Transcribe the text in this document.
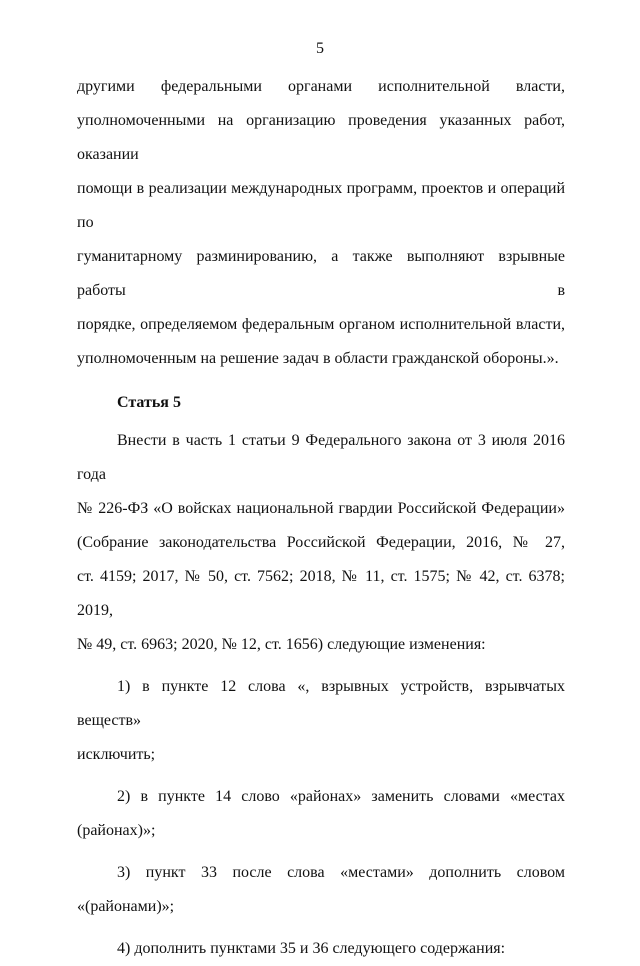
5
другими федеральными органами исполнительной власти,
уполномоченными на организацию проведения указанных работ, оказании
помощи в реализации международных программ, проектов и операций по
гуманитарному разминированию, а также выполняют взрывные работы в
порядке, определяемом федеральным органом исполнительной власти,
уполномоченным на решение задач в области гражданской обороны.».
Статья 5
Внести в часть 1 статьи 9 Федерального закона от 3 июля 2016 года
№ 226-ФЗ «О войсках национальной гвардии Российской Федерации»
(Собрание законодательства Российской Федерации, 2016, № 27,
ст. 4159; 2017, № 50, ст. 7562; 2018, № 11, ст. 1575; № 42, ст. 6378; 2019,
№ 49, ст. 6963; 2020, № 12, ст. 1656) следующие изменения:
1) в пункте 12 слова «, взрывных устройств, взрывчатых веществ»
исключить;
2) в пункте 14 слово «районах» заменить словами «местах
(районах)»;
3) пункт 33 после слова «местами» дополнить словом «(районами)»;
4) дополнить пунктами 35 и 36 следующего содержания:
